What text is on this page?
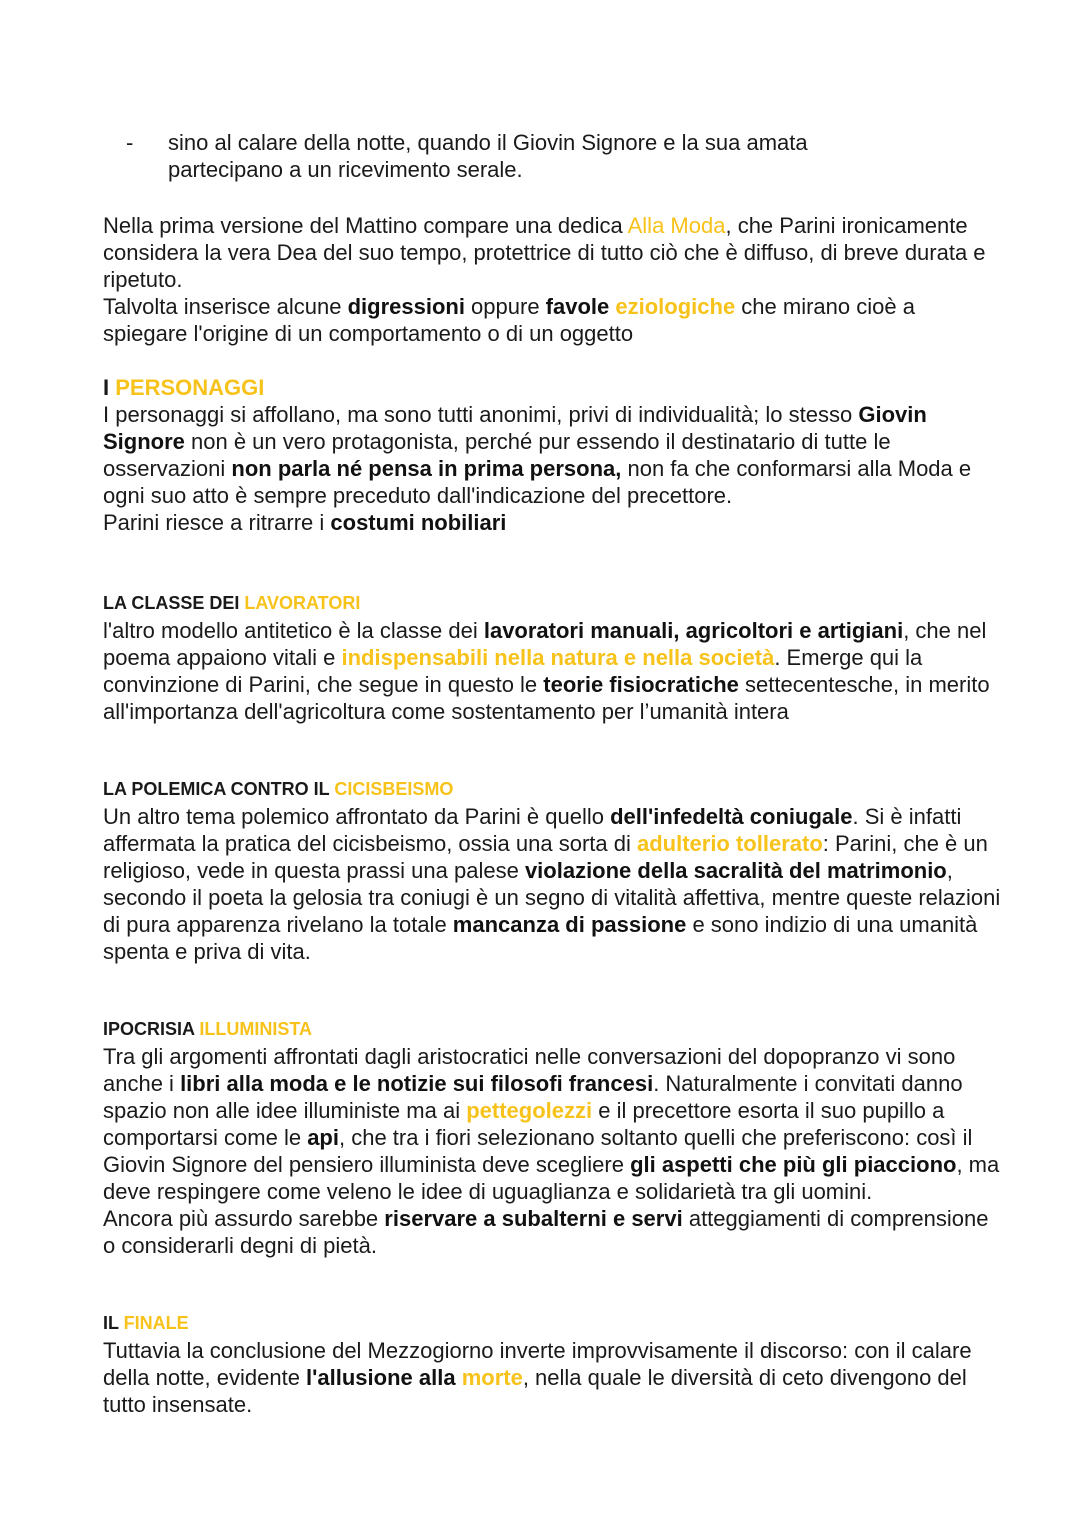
- sino al calare della notte, quando il Giovin Signore e la sua amata
partecipano a un ricevimento serale.
Nella prima versione del Mattino compare una dedica Alla Moda, che Parini ironicamente considera la vera Dea del suo tempo, protettrice di tutto ciò che è diffuso, di breve durata e ripetuto.
Talvolta inserisce alcune digressioni oppure favole eziologiche che mirano cioè a spiegare l'origine di un comportamento o di un oggetto
I PERSONAGGI
I personaggi si affollano, ma sono tutti anonimi, privi di individualità; lo stesso Giovin Signore non è un vero protagonista, perché pur essendo il destinatario di tutte le osservazioni non parla né pensa in prima persona, non fa che conformarsi alla Moda e ogni suo atto è sempre preceduto dall'indicazione del precettore.
Parini riesce a ritrarre i costumi nobiliari
LA CLASSE DEI LAVORATORI
l'altro modello antitetico è la classe dei lavoratori manuali, agricoltori e artigiani, che nel poema appaiono vitali e indispensabili nella natura e nella società. Emerge qui la convinzione di Parini, che segue in questo le teorie fisiocratiche settecentesche, in merito all'importanza dell'agricoltura come sostentamento per l’umanità intera
LA POLEMICA CONTRO IL CICISBEISMO
Un altro tema polemico affrontato da Parini è quello dell'infedeltà coniugale. Si è infatti affermata la pratica del cicisbeismo, ossia una sorta di adulterio tollerato: Parini, che è un religioso, vede in questa prassi una palese violazione della sacralità del matrimonio, secondo il poeta la gelosia tra coniugi è un segno di vitalità affettiva, mentre queste relazioni di pura apparenza rivelano la totale mancanza di passione e sono indizio di una umanità spenta e priva di vita.
IPOCRISIA ILLUMINISTA
Tra gli argomenti affrontati dagli aristocratici nelle conversazioni del dopopranzo vi sono anche i libri alla moda e le notizie sui filosofi francesi. Naturalmente i convitati danno spazio non alle idee illuministe ma ai pettegolezzi e il precettore esorta il suo pupillo a comportarsi come le api, che tra i fiori selezionano soltanto quelli che preferiscono: così il Giovin Signore del pensiero illuminista deve scegliere gli aspetti che più gli piacciono, ma deve respingere come veleno le idee di uguaglianza e solidarietà tra gli uomini.
Ancora più assurdo sarebbe riservare a subalterni e servi atteggiamenti di comprensione o considerarli degni di pietà.
IL FINALE
Tuttavia la conclusione del Mezzogiorno inverte improvvisamente il discorso: con il calare della notte, evidente l'allusione alla morte, nella quale le diversità di ceto divengono del tutto insensate.
